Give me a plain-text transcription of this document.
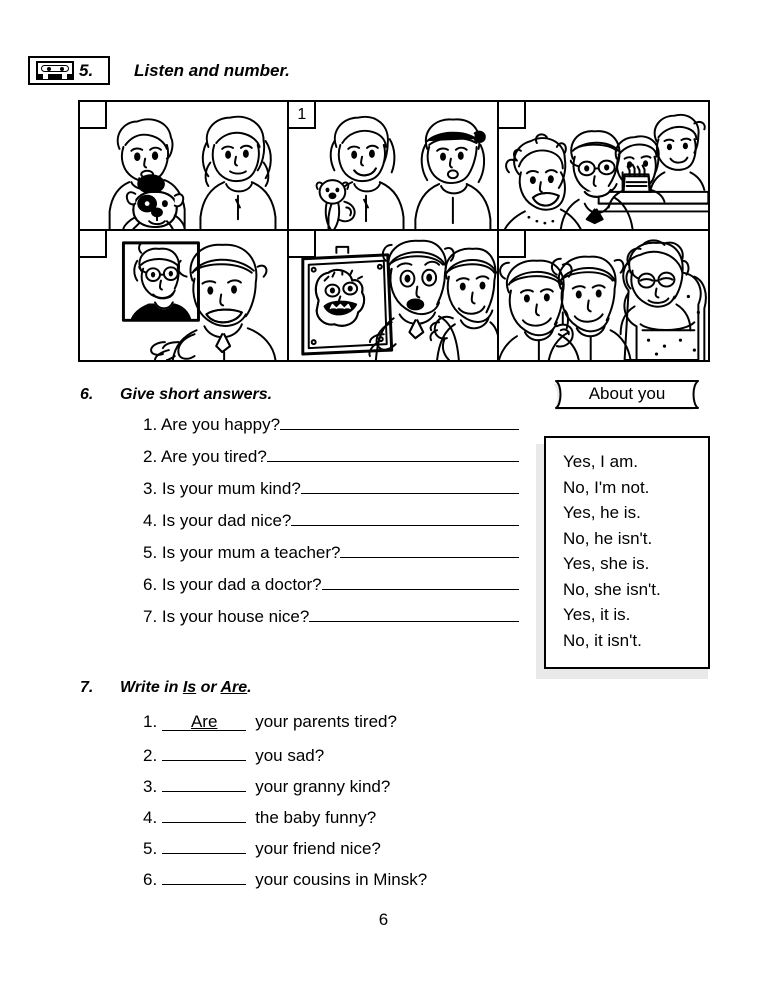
5. Listen and number.
1
6. Give short answers.
1. Are you happy?
2. Are you tired?
3. Is your mum kind?
4. Is your dad nice?
5. Is your mum a teacher?
6. Is your dad a doctor?
7. Is your house nice?
About you
Yes, I am.
No, I'm not.
Yes, he is.
No, he isn't.
Yes, she is.
No, she isn't.
Yes, it is.
No, it isn't.
7. Write in Is or Are.
1.	Are	your parents tired?
2.	you sad?
3.	your granny kind?
4.	the baby funny?
5.	your friend nice?
6.	your cousins in Minsk?
6
